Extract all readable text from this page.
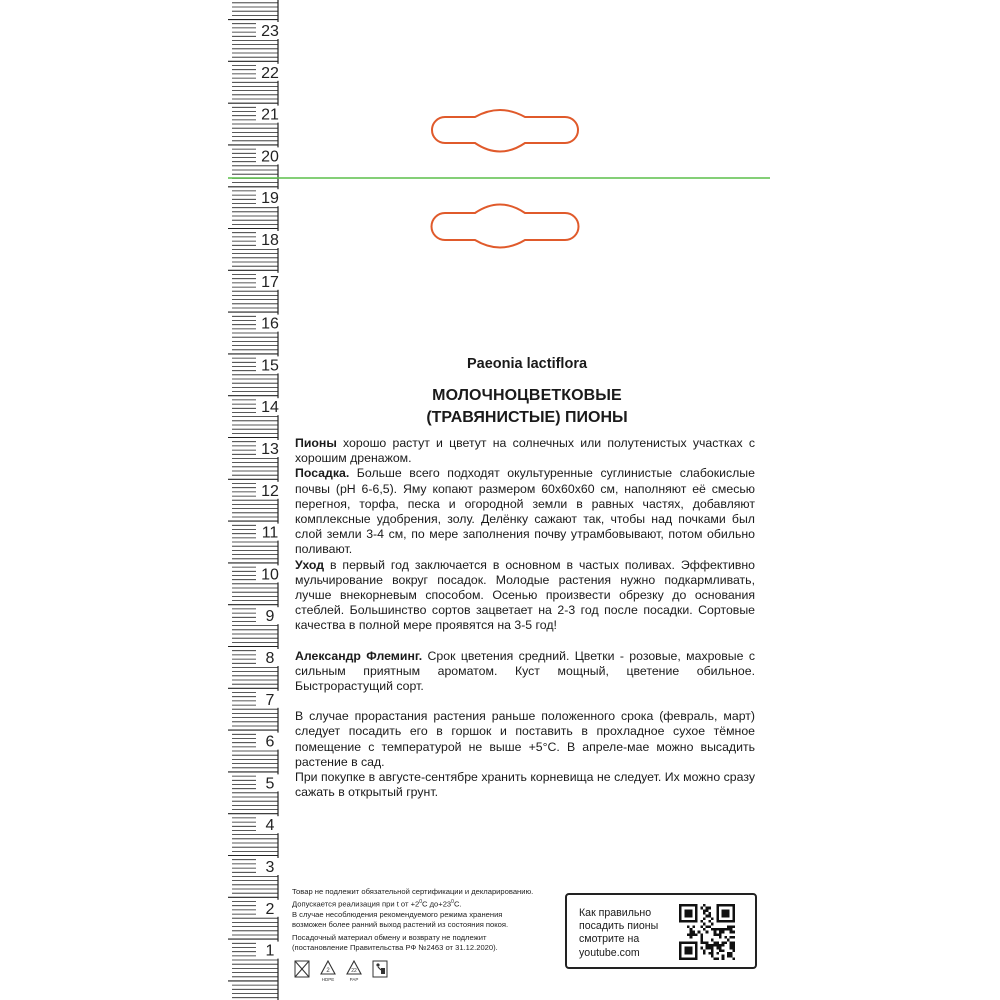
23
22
21
20
19
18
17
16
15
14
13
12
11
10
9
8
7
6
5
4
3
2
1
Paeonia lactiflora
МОЛОЧНОЦВЕТКОВЫЕ
(ТРАВЯНИСТЫЕ) ПИОНЫ

Пионы хорошо растут и цветут на солнечных или полутенистых участках с хорошим дренажом.

Посадка. Больше всего подходят окультуренные суглинистые слабокислые почвы (рН 6-6,5). Яму копают размером 60х60х60 см, наполняют её смесью перегноя, торфа, песка и огородной земли в равных частях, добавляют комплексные удобрения, золу. Делёнку сажают так, чтобы над почками был слой земли 3-4 см, по мере заполнения почву утрамбовывают, потом обильно поливают.

Уход в первый год заключается в основном в частых поливах. Эффективно мульчирование вокруг посадок. Молодые растения нужно подкармливать, лучше внекорневым способом. Осенью произвести обрезку до основания стеблей. Большинство сортов зацветает на 2-3 год после посадки. Сортовые качества в полной мере проявятся на 3-5 год!

Александр Флеминг. Срок цветения средний. Цветки - розовые, махровые с сильным приятным ароматом. Куст мощный, цветение обильное. Быстрорастущий сорт.

В случае прорастания растения раньше положенного срока (февраль, март) следует посадить его в горшок и поставить в прохладное сухое тёмное помещение с температурой не выше +5°С. В апреле-мае можно высадить растение в сад.

При покупке в августе-сентябре хранить корневища не следует. Их можно сразу сажать в открытый грунт.

Товар не подлежит обязательной сертификации и декларированию.

Допускается реализация при t от $+2^0С$ $до+23^0С$.

В случае несоблюдения рекомендуемого режима хранения

возможен более ранний выход растений из состояния покоя.

Посадочный материал обмену и возврату не подлежит

(постановление Правительства РФ №2463 от 31.12.2020).

2
HDPE
22
PAP

Как правильно

посадить пионы

смотрите на

youtube.com
